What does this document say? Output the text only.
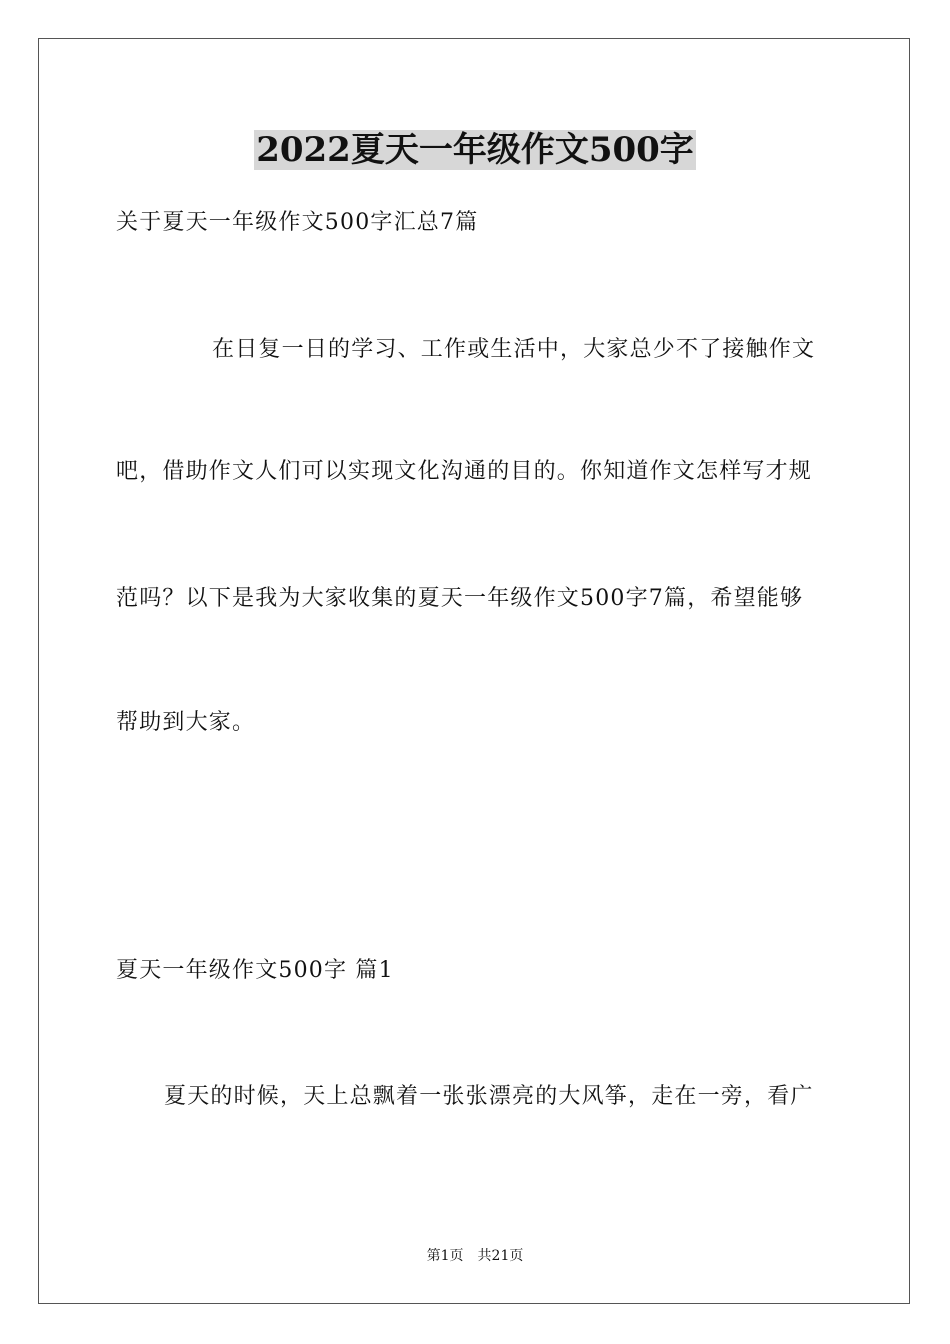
2022夏天一年级作文500字
关于夏天一年级作文500字汇总7篇
在日复一日的学习、工作或生活中，大家总少不了接触作文
吧，借助作文人们可以实现文化沟通的目的。你知道作文怎样写才规
范吗？以下是我为大家收集的夏天一年级作文500字7篇，希望能够
帮助到大家。
夏天一年级作文500字 篇1
夏天的时候，天上总飘着一张张漂亮的大风筝，走在一旁，看广
第1页 共21页
